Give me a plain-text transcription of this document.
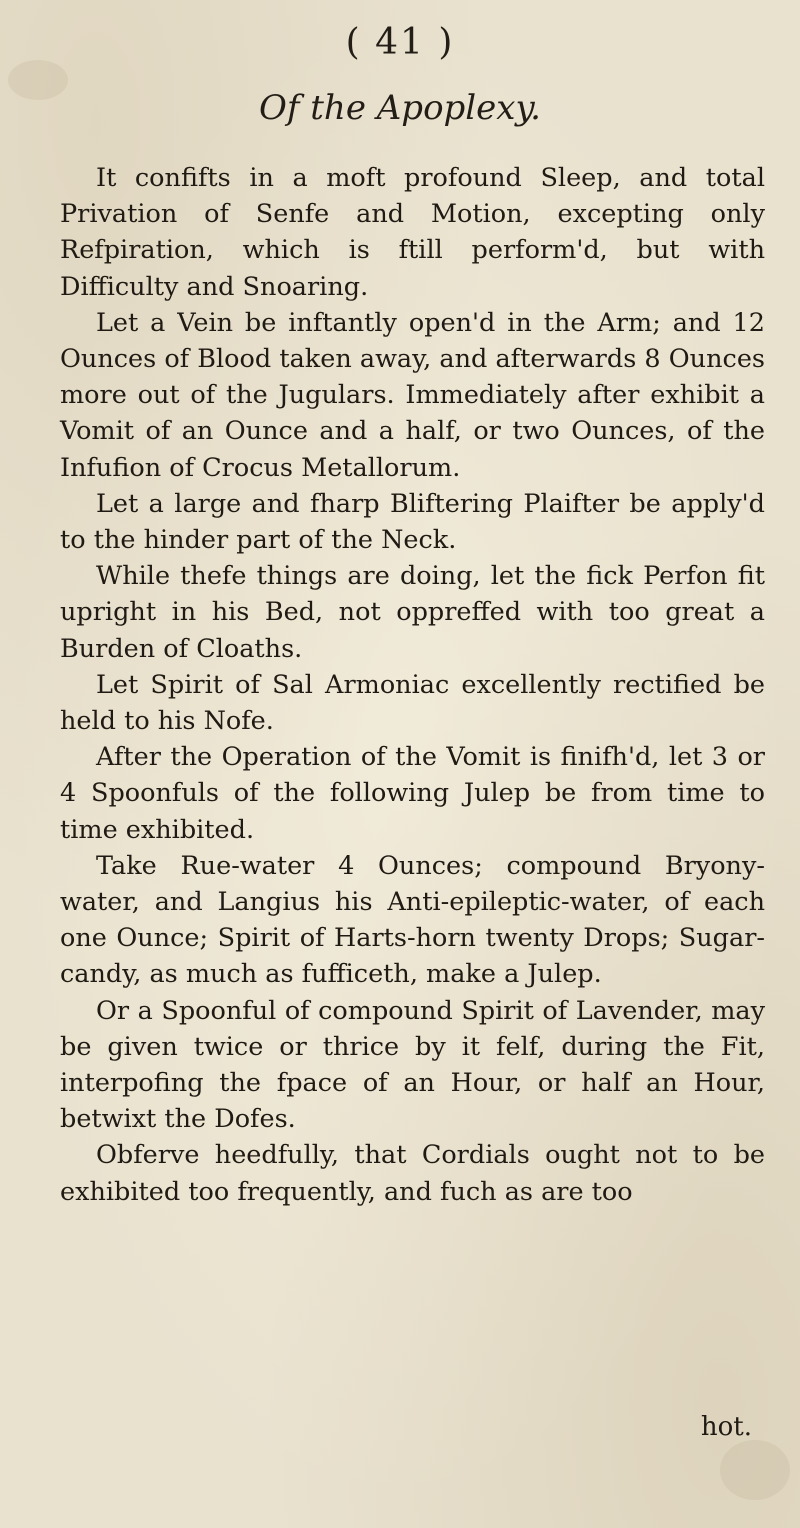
( 41 )
Of the Apoplexy.

It confifts in a moft profound Sleep, and total Privation of Senfe and Motion, excepting only Refpiration, which is ftill perform'd, but with Difficulty and Snoaring.

Let a Vein be inftantly open'd in the Arm; and 12 Ounces of Blood taken away, and afterwards 8 Ounces more out of the Jugulars. Immediately after exhibit a Vomit of an Ounce and a half, or two Ounces, of the Infufion of Crocus Metallorum.

Let a large and fharp Bliftering Plaifter be apply'd to the hinder part of the Neck.

While thefe things are doing, let the fick Perfon fit upright in his Bed, not oppreffed with too great a Burden of Cloaths.

Let Spirit of Sal Armoniac excellently rectified be held to his Nofe.

After the Operation of the Vomit is finifh'd, let 3 or 4 Spoonfuls of the following Julep be from time to time exhibited.

Take Rue-water 4 Ounces; compound Bryony-water, and Langius his Anti-epileptic-water, of each one Ounce; Spirit of Harts-horn twenty Drops; Sugar-candy, as much as fufficeth, make a Julep.

Or a Spoonful of compound Spirit of Lavender, may be given twice or thrice by it felf, during the Fit, interpofing the fpace of an Hour, or half an Hour, betwixt the Dofes.

Obferve heedfully, that Cordials ought not to be exhibited too frequently, and fuch as are too

hot.
